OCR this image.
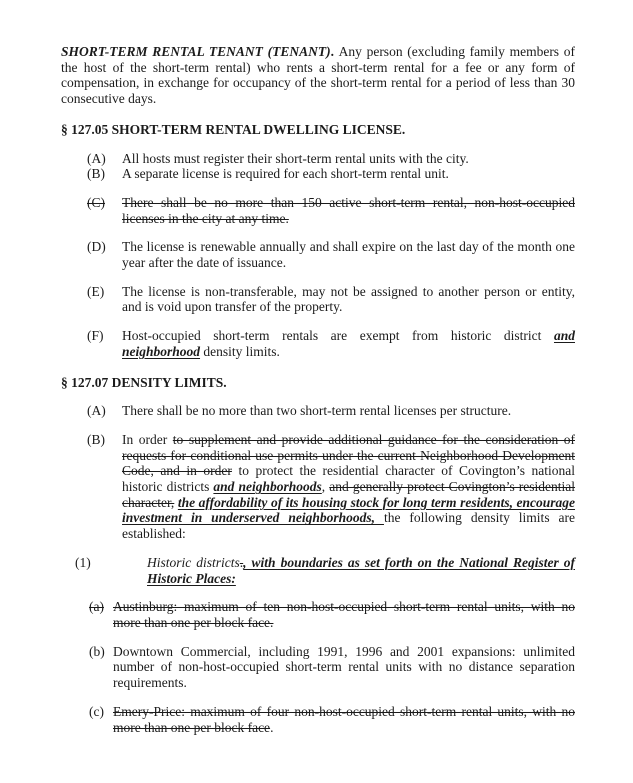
SHORT-TERM RENTAL TENANT (TENANT). Any person (excluding family members of the host of the short-term rental) who rents a short-term rental for a fee or any form of compensation, in exchange for occupancy of the short-term rental for a period of less than 30 consecutive days.
§ 127.05 SHORT-TERM RENTAL DWELLING LICENSE.
(A)	All hosts must register their short-term rental units with the city.
(B)	A separate license is required for each short-term rental unit.
(C)	There shall be no more than 150 active short-term rental, non-host-occupied licenses in the city at any time.
(D)	The license is renewable annually and shall expire on the last day of the month one year after the date of issuance.
(E)	The license is non-transferable, may not be assigned to another person or entity, and is void upon transfer of the property.
(F)	Host-occupied short-term rentals are exempt from historic district and neighborhood density limits.
§ 127.07 DENSITY LIMITS.
(A)	There shall be no more than two short-term rental licenses per structure.
(B)	In order to supplement and provide additional guidance for the consideration of requests for conditional use permits under the current Neighborhood Development Code, and in order to protect the residential character of Covington’s national historic districts and neighborhoods, and generally protect Covington’s residential character, the affordability of its housing stock for long term residents, encourage investment in underserved neighborhoods, the following density limits are established:
(1)	Historic districts., with boundaries as set forth on the National Register of Historic Places:
(a) Austinburg: maximum of ten non-host-occupied short-term rental units, with no more than one per block face.
(b) Downtown Commercial, including 1991, 1996 and 2001 expansions: unlimited number of non-host-occupied short-term rental units with no distance separation requirements.
(c) Emery-Price: maximum of four non-host-occupied short-term rental units, with no more than one per block face.
